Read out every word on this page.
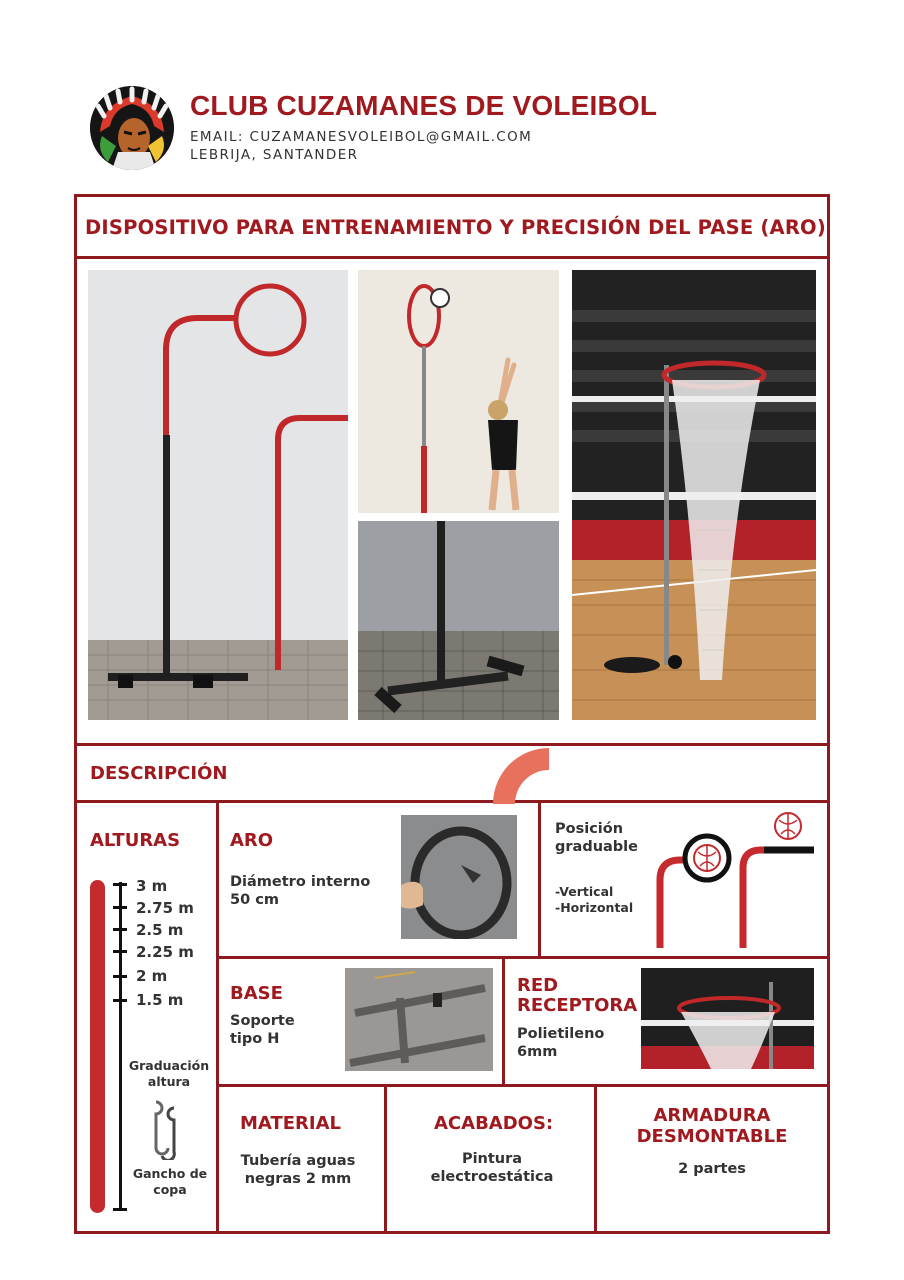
CLUB CUZAMANES DE VOLEIBOL
EMAIL: CUZAMANESVOLEIBOL@GMAIL.COM
LEBRIJA, SANTANDER
DISPOSITIVO PARA ENTRENAMIENTO Y PRECISIÓN DEL PASE (ARO)
DESCRIPCIÓN
ALTURAS
3 m
2.75 m
2.5 m
2.25 m
2 m
1.5 m
Graduación altura
Gancho de copa
ARO
Diámetro interno 50 cm
Posición graduable
-Vertical
-Horizontal
BASE
Soporte tipo H
RED RECEPTORA
Polietileno 6mm
MATERIAL
Tubería aguas negras 2 mm
ACABADOS:
Pintura electroestática
ARMADURA DESMONTABLE
2 partes
